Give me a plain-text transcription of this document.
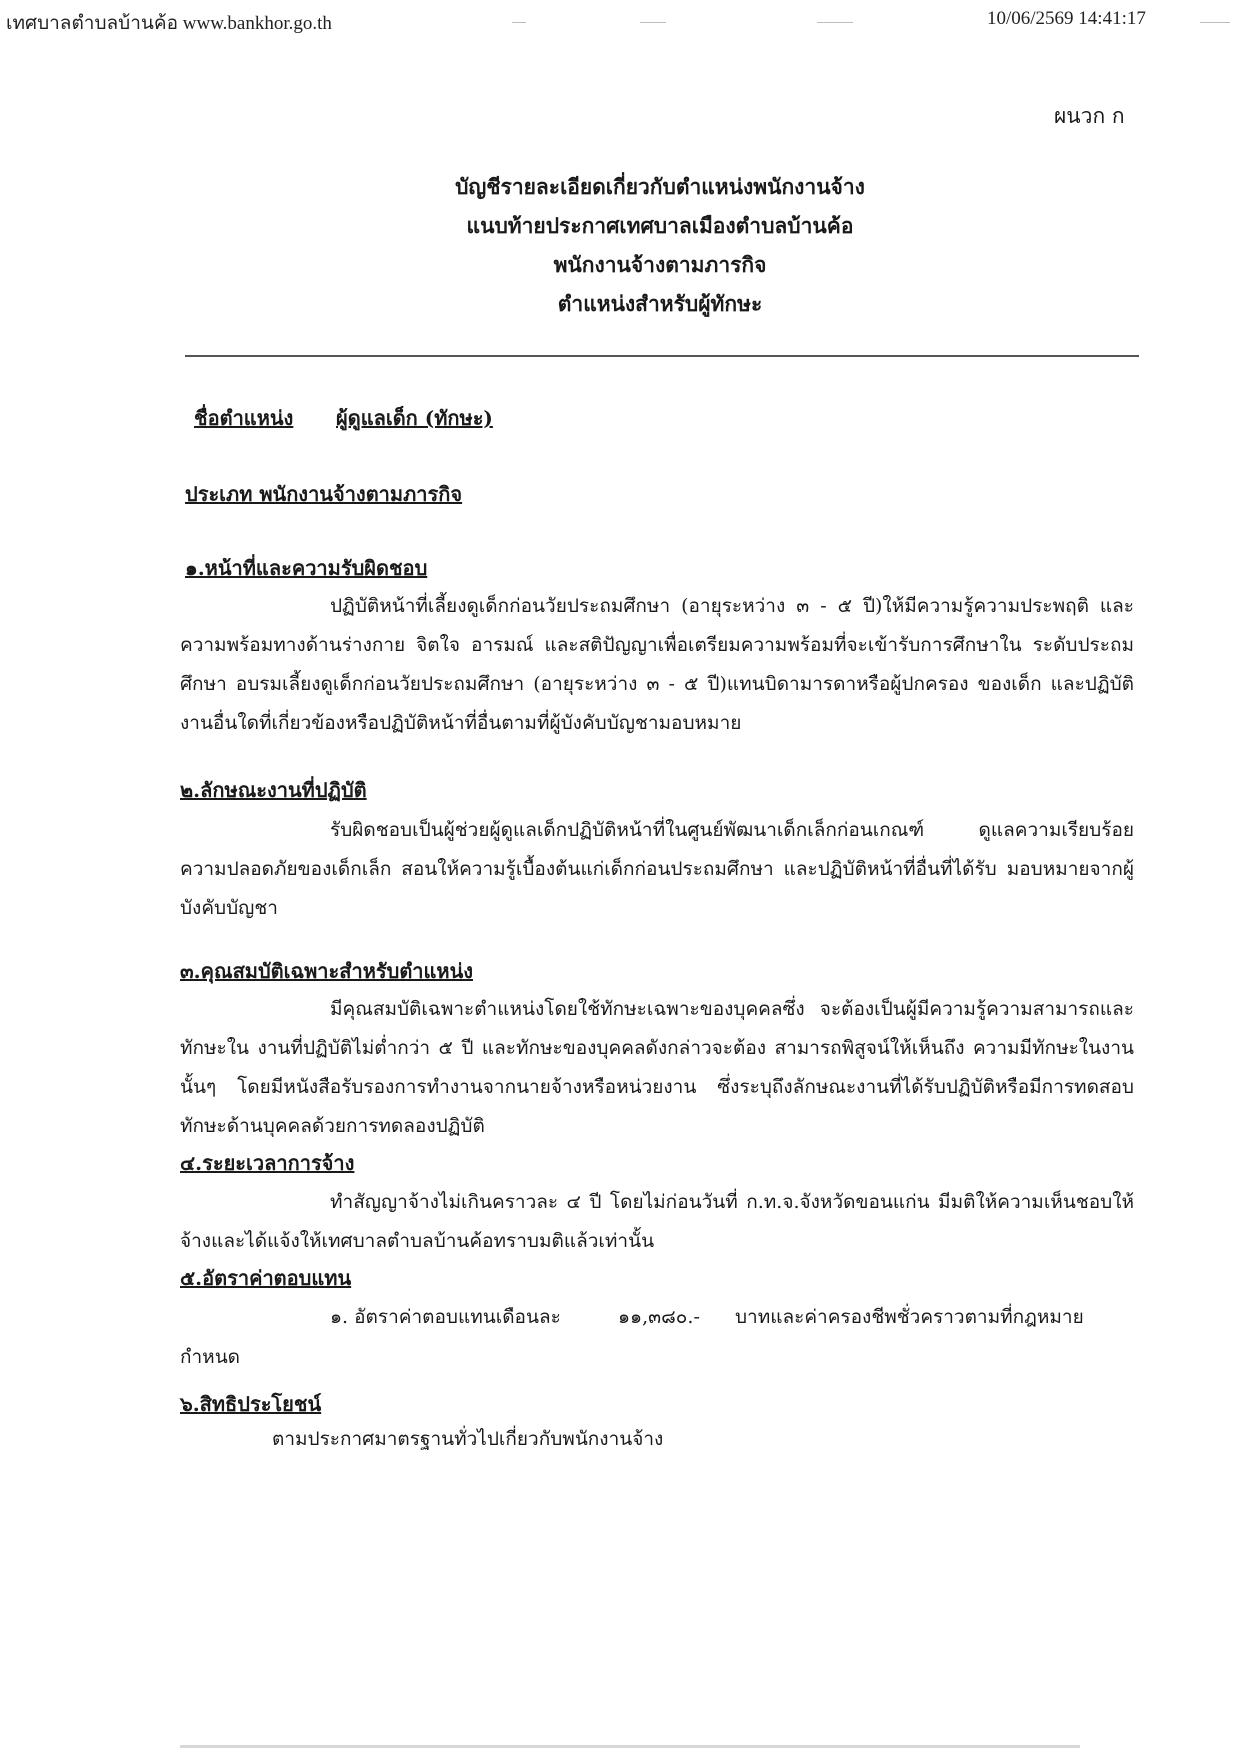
เทศบาลตำบลบ้านค้อ www.bankhor.go.th	10/06/2569 14:41:17
ผนวก ก
บัญชีรายละเอียดเกี่ยวกับตำแหน่งพนักงานจ้าง
แนบท้ายประกาศเทศบาลเมืองตำบลบ้านค้อ
พนักงานจ้างตามภารกิจ
ตำแหน่งสำหรับผู้ทักษะ
ชื่อตำแหน่ง ผู้ดูแลเด็ก (ทักษะ)
ประเภท พนักงานจ้างตามภารกิจ
๑.หน้าที่และความรับผิดชอบ
ปฏิบัติหน้าที่เลี้ยงดูเด็กก่อนวัยประถมศึกษา (อายุระหว่าง ๓ - ๕ ปี)ให้มีความรู้ความประพฤติ และความพร้อมทางด้านร่างกาย จิตใจ อารมณ์ และสติปัญญาเพื่อเตรียมความพร้อมที่จะเข้ารับการศึกษาใน ระดับประถมศึกษา อบรมเลี้ยงดูเด็กก่อนวัยประถมศึกษา (อายุระหว่าง ๓ - ๕ ปี)แทนบิดามารดาหรือผู้ปกครอง ของเด็ก และปฏิบัติงานอื่นใดที่เกี่ยวข้องหรือปฏิบัติหน้าที่อื่นตามที่ผู้บังคับบัญชามอบหมาย
๒.ลักษณะงานที่ปฏิบัติ
รับผิดชอบเป็นผู้ช่วยผู้ดูแลเด็กปฏิบัติหน้าที่ในศูนย์พัฒนาเด็กเล็กก่อนเกณฑ์ ดูแลความเรียบร้อย ความปลอดภัยของเด็กเล็ก สอนให้ความรู้เบื้องต้นแก่เด็กก่อนประถมศึกษา และปฏิบัติหน้าที่อื่นที่ได้รับ มอบหมายจากผู้บังคับบัญชา
๓.คุณสมบัติเฉพาะสำหรับตำแหน่ง
มีคุณสมบัติเฉพาะตำแหน่งโดยใช้ทักษะเฉพาะของบุคคลซึ่ง จะต้องเป็นผู้มีความรู้ความสามารถและทักษะใน งานที่ปฏิบัติไม่ต่ำกว่า ๕ ปี และทักษะของบุคคลดังกล่าวจะต้อง สามารถพิสูจน์ให้เห็นถึง ความมีทักษะในงานนั้นๆ โดยมีหนังสือรับรองการทำงานจากนายจ้างหรือหน่วยงาน ซึ่งระบุถึงลักษณะงานที่ได้รับปฏิบัติหรือมีการทดสอบทักษะด้านบุคคลด้วยการทดลองปฏิบัติ
๔.ระยะเวลาการจ้าง
ทำสัญญาจ้างไม่เกินคราวละ ๔ ปี โดยไม่ก่อนวันที่ ก.ท.จ.จังหวัดขอนแก่น มีมติให้ความเห็นชอบให้จ้างและได้แจ้งให้เทศบาลตำบลบ้านค้อทราบมติแล้วเท่านั้น
๕.อัตราค่าตอบแทน
๑. อัตราค่าตอบแทนเดือนละ	๑๑,๓๘๐.- บาทและค่าครองชีพชั่วคราวตามที่กฎหมาย
กำหนด
๖.สิทธิประโยชน์
ตามประกาศมาตรฐานทั่วไปเกี่ยวกับพนักงานจ้าง
